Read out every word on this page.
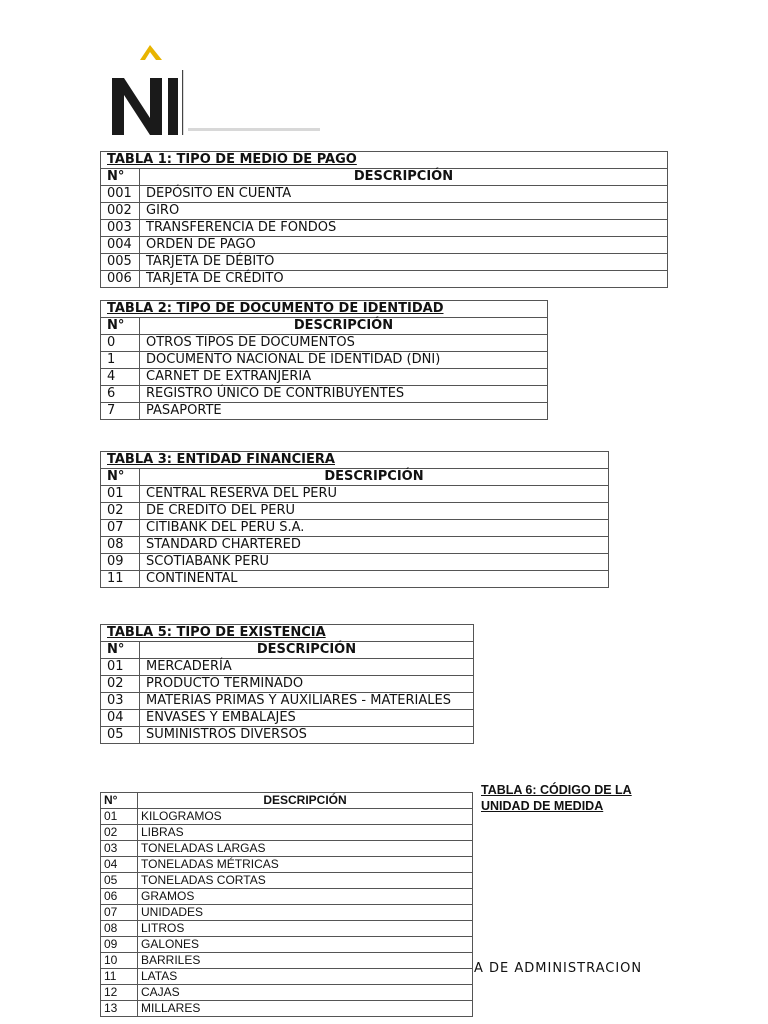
TABLA 1: TIPO DE MEDIO DE PAGO	
N°	DESCRIPCIÓN
001	DEPÓSITO EN CUENTA
002	GIRO
003	TRANSFERENCIA DE FONDOS
004	ORDEN DE PAGO
005	TARJETA DE DÉBITO
006	TARJETA DE CRÉDITO
TABLA 2: TIPO DE DOCUMENTO DE IDENTIDAD	
N°	DESCRIPCIÓN
0	OTROS TIPOS DE DOCUMENTOS
1	DOCUMENTO NACIONAL DE IDENTIDAD (DNI)
4	CARNET DE EXTRANJERIA
6	REGISTRO ÚNICO DE CONTRIBUYENTES
7	PASAPORTE
TABLA 3: ENTIDAD FINANCIERA	
N°	DESCRIPCIÓN
01	CENTRAL RESERVA DEL PERU
02	DE CREDITO DEL PERU
07	CITIBANK DEL PERU S.A.
08	STANDARD CHARTERED
09	SCOTIABANK PERU
11	CONTINENTAL
TABLA 5: TIPO DE EXISTENCIA	
N°	DESCRIPCIÓN
01	MERCADERÍA
02	PRODUCTO TERMINADO
03	MATERIAS PRIMAS Y AUXILIARES - MATERIALES
04	ENVASES Y EMBALAJES
05	SUMINISTROS DIVERSOS
TABLA 6: CÓDIGO DE LA
UNIDAD DE MEDIDA
N°	DESCRIPCIÓN
01	KILOGRAMOS
02	LIBRAS
03	TONELADAS LARGAS
04	TONELADAS MÉTRICAS
05	TONELADAS CORTAS
06	GRAMOS
07	UNIDADES
08	LITROS
09	GALONES
10	BARRILES
11	LATAS
12	CAJAS
13	MILLARES
A DE ADMINISTRACION
